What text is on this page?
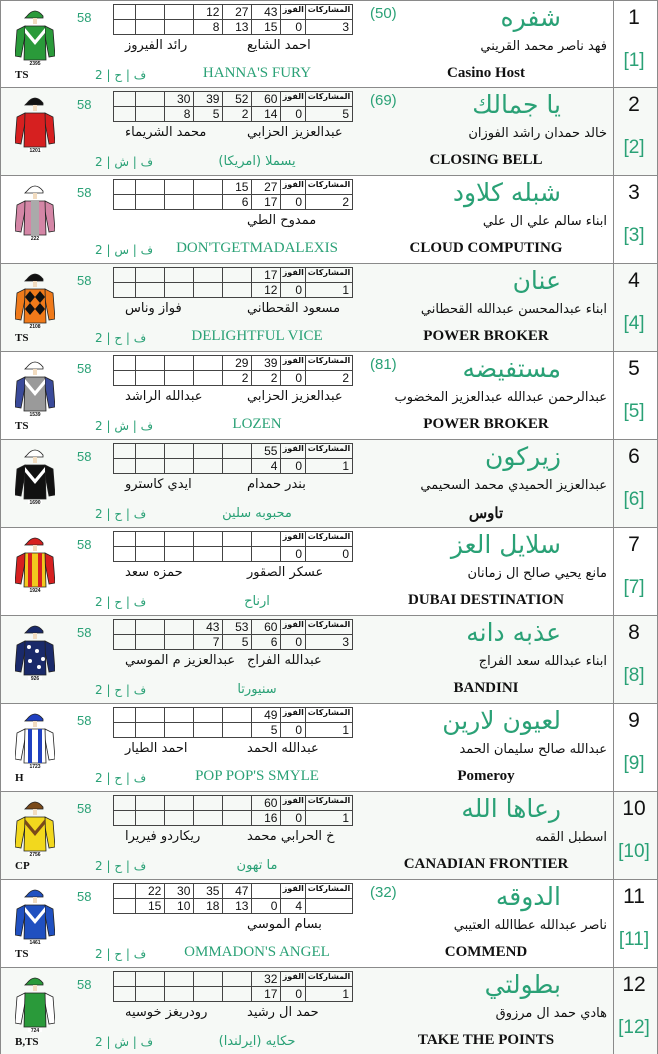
2395
TS
58
				12	27	43	الفوز	المشاركات
			8	13	15	0	3
(50)	شفره
فهد ناصر محمد القريني
احمد الشايع
رائد الفيروز
ف | ح | 2	HANNA'S FURY	Casino Host
1
[1]
1201
58
			30	39	52	60	الفوز	المشاركات
		8	5	2	14	0	5
(69)	يا جمالك
خالد حمدان راشد الفوزان
عبدالعزيز الحزابي
محمد الشريماء
ف | ش | 2	(يسملا (امريكا	CLOSING BELL
2
[2]
222
58
					15	27	الفوز	المشاركات
				6	17	0	2	شبله كلاود
ابناء سالم علي ال علي
ممدوح الطي
ف | س | 2	DON'TGETMADALEXIS	CLOUD COMPUTING
3
[3]
2108
TS
58
						17	الفوز	المشاركات
					12	0	1	عنان
ابناء عبدالمحسن عبدالله القحطاني
مسعود القحطاني
فواز وناس
ف | ح | 2	DELIGHTFUL VICE	POWER BROKER
4
[4]
1539
TS
58
					29	39	الفوز	المشاركات
				2	2	0	2
(81)	مستفيضه
عبدالرحمن عبدالله عبدالعزيز المخضوب
عبدالعزيز الحزابي
عبدالله الراشد
ف | ش | 2	LOZEN	POWER BROKER
5
[5]
1690
58
						55	الفوز	المشاركات
					4	0	1	زيركون
عبدالعزيز الحميدي محمد السحيمي
بندر حمدام
ايدي كاسترو
ف | ح | 2	محبوبه سلين	تاوس
6
[6]
1924
58
						الفوز	المشاركات
						0	0	سلايل العز
مانع يحيي صالح ال زمانان
عسكر الصقور
حمزه سعد
ف | ح | 2	ارناح	DUBAI DESTINATION
7
[7]
926
58
				43	53	60	الفوز	المشاركات
			7	5	6	0	3	عذبه دانه
ابناء عبدالله سعد الفراج
عبدالله الفراج
عبدالعزيز م الموسي
ف | ح | 2	سنيورتا	BANDINI
8
[8]
1723
H
58
						49	الفوز	المشاركات
					5	0	1	لعيون لارين
عبدالله صالح سليمان الحمد
عبدالله الحمد
احمد الطيار
ف | ح | 2	POP POP'S SMYLE	Pomeroy
9
[9]
2756
CP
58
						60	الفوز	المشاركات
					16	0	1	رعاها الله
اسطبل القمه
خ الحرابي محمد
ريكاردو فيريرا
ف | ح | 2	ما تهون	CANADIAN FRONTIER
10
[10]
1461
TS
58
		22	30	35	47		الفوز	المشاركات
	15	10	18	13	0	4	
(32)	الدوقه
ناصر عبدالله عطاالله العتيبي
بسام الموسي
ف | ح | 2	OMMADON'S ANGEL	COMMEND
11
[11]
724
B,TS
58
						32	الفوز	المشاركات
					17	0	1	بطولتي
هادي حمد ال مرزوق
حمد ال رشيد
رودريغز خوسيه
ف | ش | 2	(حكايه (ايرلندا	TAKE THE POINTS
12
[12]
